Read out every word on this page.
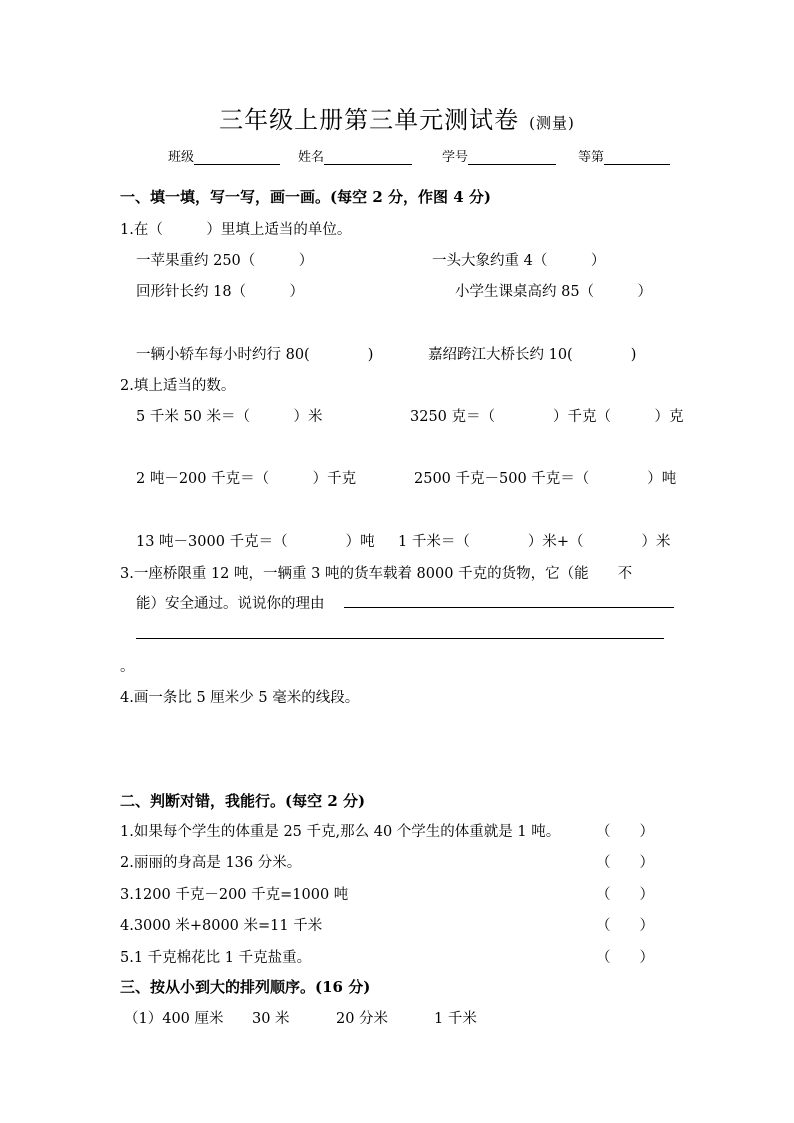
三年级上册第三单元测试卷 (测量)
班级	姓名	学号	等第
一、填一填，写一写，画一画。(每空 2 分，作图 4 分)
1.在（　　　）里填上适当的单位。
一苹果重约 250（　　　）	一头大象约重 4（　　　）
回形针长约 18（　　　）	小学生课桌高约 85（　　　）
一辆小轿车每小时约行 80(　　　　)	嘉绍跨江大桥长约 10(　　　　)
2.填上适当的数。
5 千米 50 米＝（　　　）米	3250 克＝（　　　　）千克（　　　）克
2 吨－200 千克＝（　　　）千克	2500 千克－500 千克＝（　　　　）吨
13 吨－3000 千克＝（　　　　）吨 1 千米＝（　　　　）米+（　　　　）米
3.一座桥限重 12 吨，一辆重 3 吨的货车载着 8000 千克的货物，它（能　　不
能）安全通过。说说你的理由
。
4.画一条比 5 厘米少 5 毫米的线段。
二、判断对错，我能行。(每空 2 分)
1.如果每个学生的体重是 25 千克,那么 40 个学生的体重就是 1 吨。 （　　）
2.丽丽的身高是 136 分米。	（　　）
3.1200 千克－200 千克=1000 吨	（　　）
4.3000 米+8000 米=11 千米	（　　）
5.1 千克棉花比 1 千克盐重。	（　　）
三、按从小到大的排列顺序。(16 分)
（1）400 厘米 30 米	20 分米	1 千米
